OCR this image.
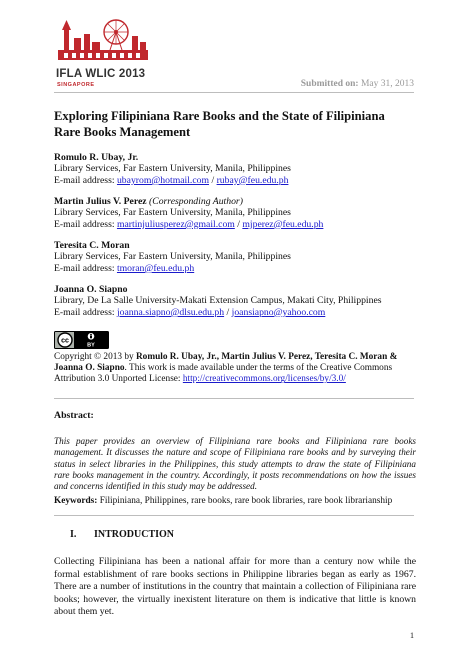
IFLA WLIC 2013
SINGAPORE	Submitted on: May 31, 2013
Exploring Filipiniana Rare Books and the State of Filipiniana Rare Books Management
Romulo R. Ubay, Jr.
Library Services, Far Eastern University, Manila, Philippines
E-mail address: ubayrom@hotmail.com / rubay@feu.edu.ph
Martin Julius V. Perez (Corresponding Author)
Library Services, Far Eastern University, Manila, Philippines
E-mail address: martinjuliusperez@gmail.com / mjperez@feu.edu.ph
Teresita C. Moran
Library Services, Far Eastern University, Manila, Philippines
E-mail address: tmoran@feu.edu.ph
Joanna O. Siapno
Library, De La Salle University-Makati Extension Campus, Makati City, Philippines
E-mail address: joanna.siapno@dlsu.edu.ph / joansiapno@yahoo.com
cc
BY
Copyright © 2013 by Romulo R. Ubay, Jr., Martin Julius V. Perez, Teresita C. Moran & Joanna O. Siapno. This work is made available under the terms of the Creative Commons Attribution 3.0 Unported License: http://creativecommons.org/licenses/by/3.0/
Abstract:
This paper provides an overview of Filipiniana rare books and Filipiniana rare books management. It discusses the nature and scope of Filipiniana rare books and by surveying their status in select libraries in the Philippines, this study attempts to draw the state of Filipiniana rare books management in the country. Accordingly, it posts recommendations on how the issues and concerns identified in this study may be addressed.
Keywords: Filipiniana, Philippines, rare books, rare book libraries, rare book librarianship
I. INTRODUCTION
Collecting Filipiniana has been a national affair for more than a century now while the formal establishment of rare books sections in Philippine libraries began as early as 1967. There are a number of institutions in the country that maintain a collection of Filipiniana rare books; however, the virtually inexistent literature on them is indicative that little is known about them yet.
1
